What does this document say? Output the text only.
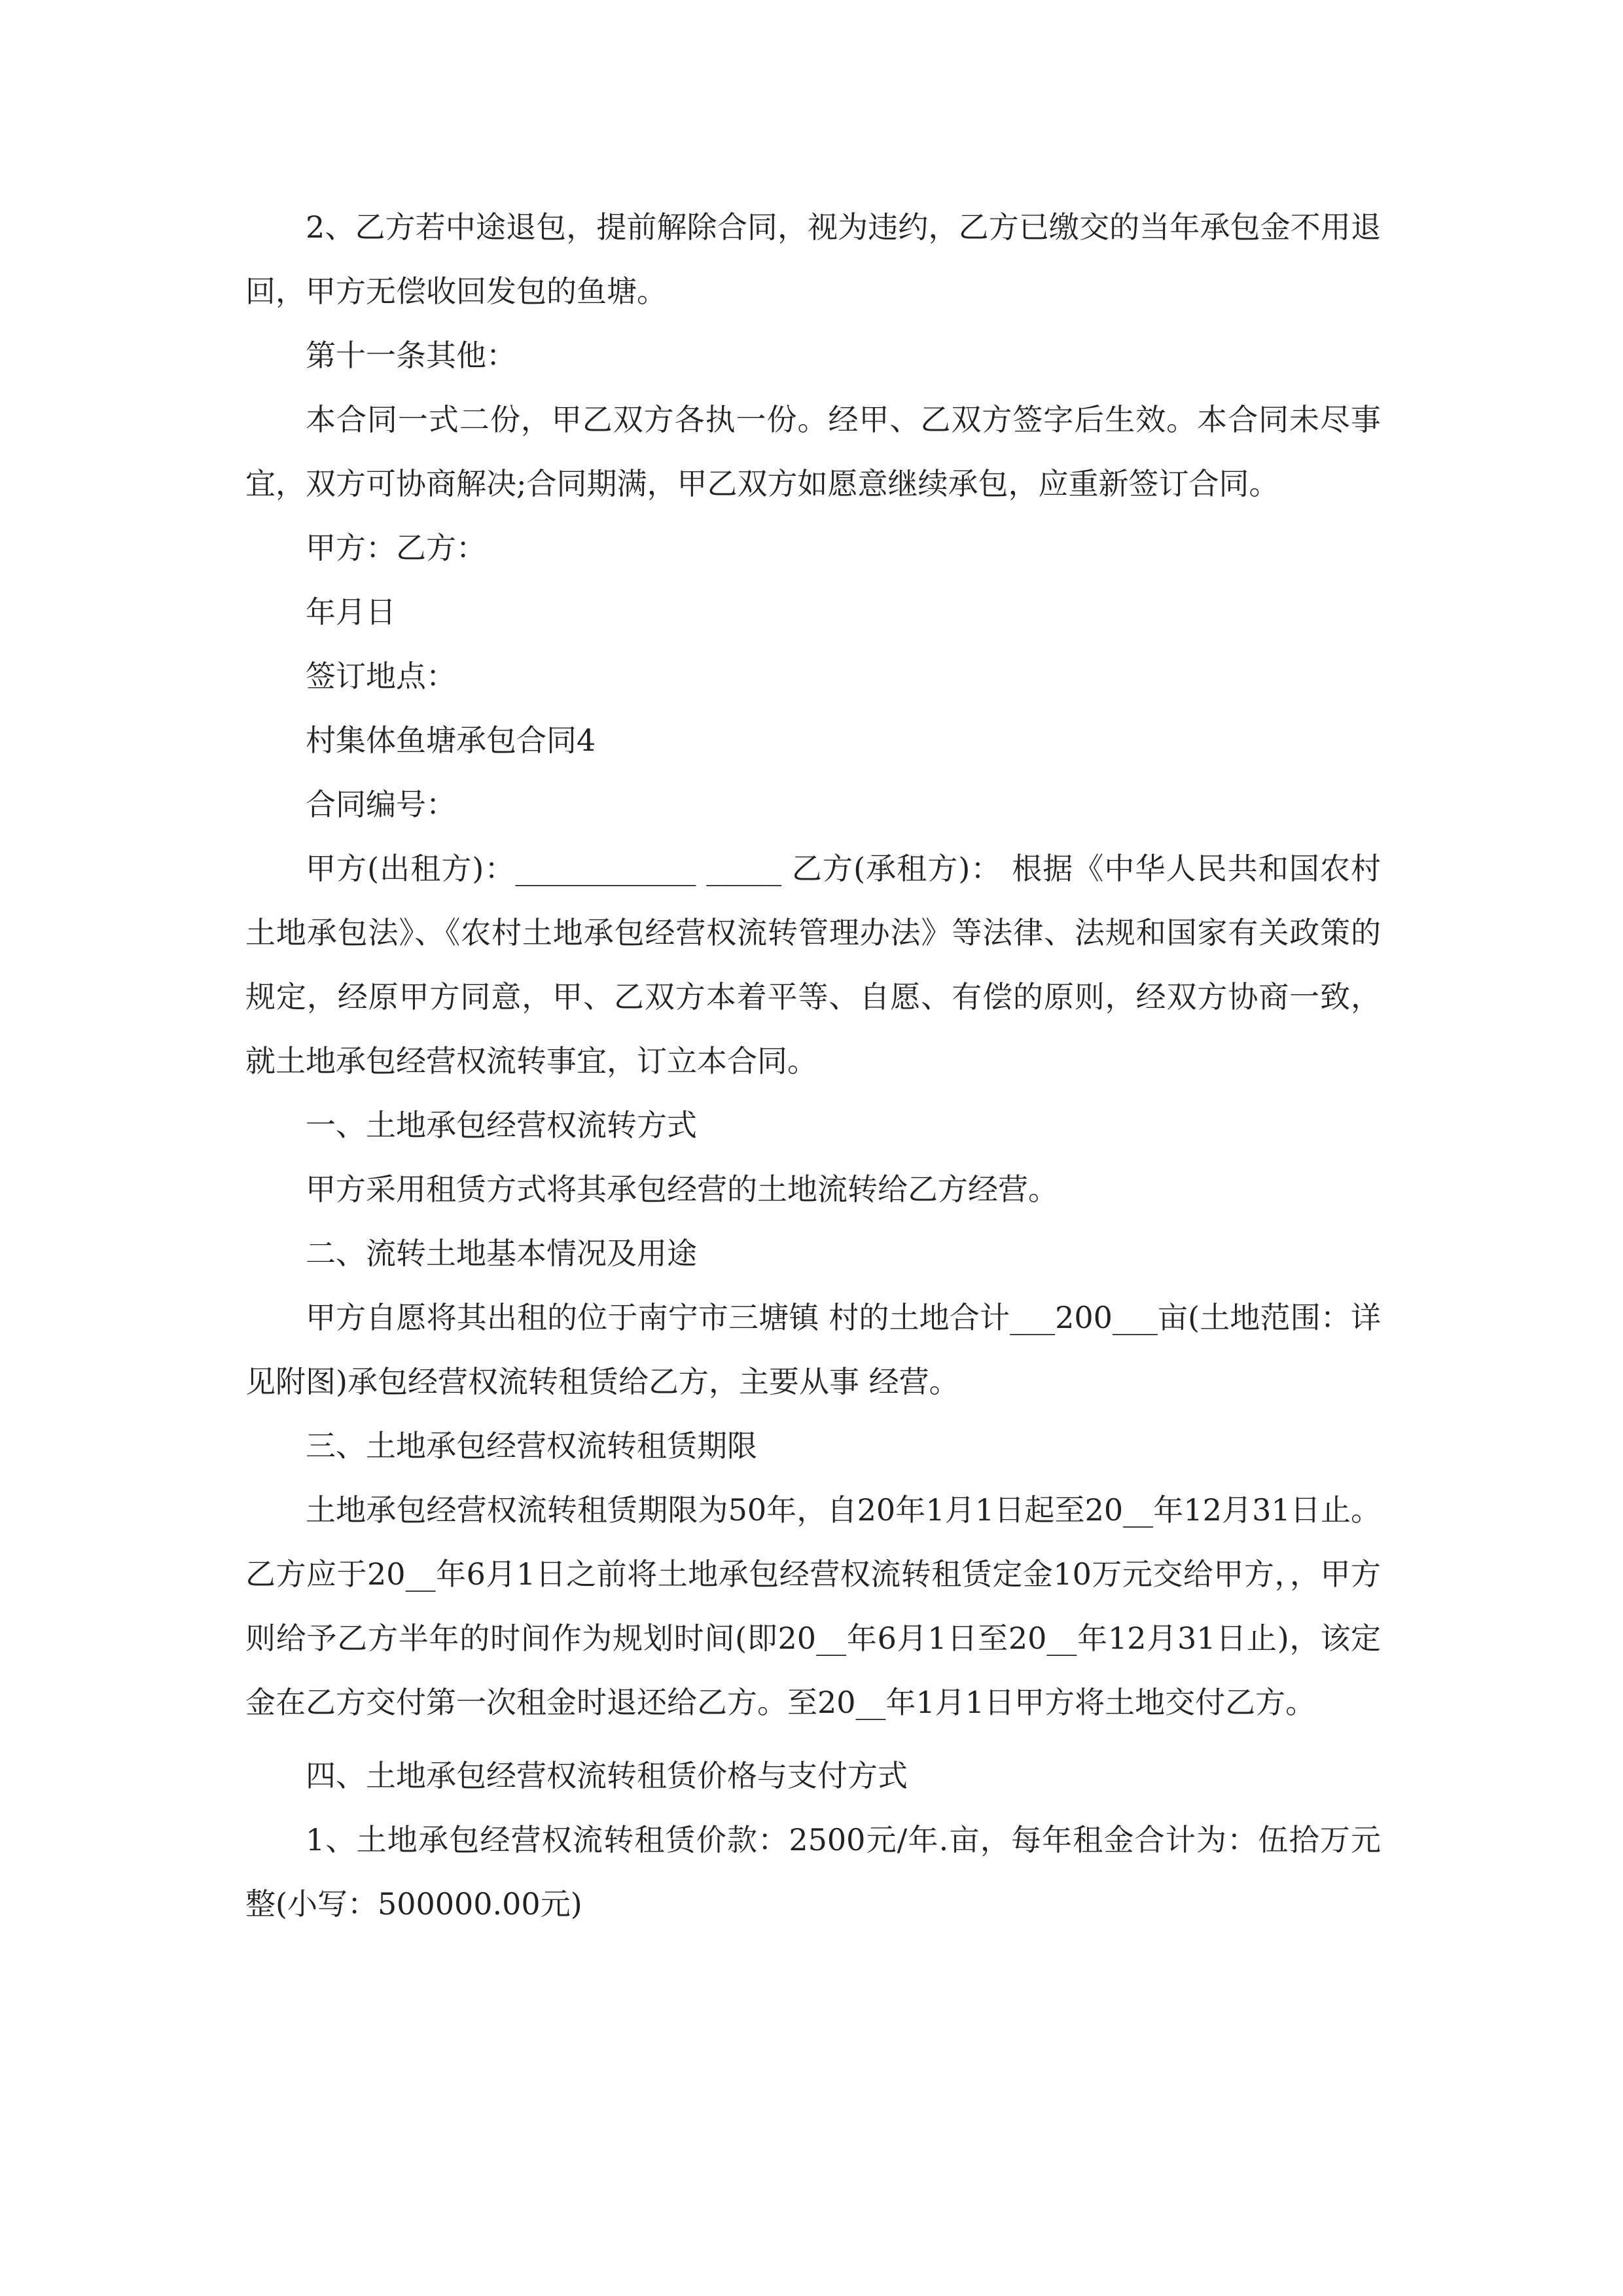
2、乙方若中途退包，提前解除合同，视为违约，乙方已缴交的当年承包金不用退回，甲方无偿收回发包的鱼塘。

第十一条其他：

本合同一式二份，甲乙双方各执一份。经甲、乙双方签字后生效。本合同未尽事宜，双方可协商解决;合同期满，甲乙双方如愿意继续承包，应重新签订合同。

甲方：乙方：

年月日

签订地点：

村集体鱼塘承包合同4

合同编号：

甲方(出租方)：____________ _____ 乙方(承租方)： 根据《中华人民共和国农村土地承包法》、《农村土地承包经营权流转管理办法》等法律、法规和国家有关政策的规定，经原甲方同意，甲、乙双方本着平等、自愿、有偿的原则，经双方协商一致，就土地承包经营权流转事宜，订立本合同。

一、土地承包经营权流转方式

甲方采用租赁方式将其承包经营的土地流转给乙方经营。

二、流转土地基本情况及用途

甲方自愿将其出租的位于南宁市三塘镇 村的土地合计___200___亩(土地范围：详见附图)承包经营权流转租赁给乙方，主要从事 经营。

三、土地承包经营权流转租赁期限

土地承包经营权流转租赁期限为50年，自20年1月1日起至20__年12月31日止。乙方应于20__年6月1日之前将土地承包经营权流转租赁定金10万元交给甲方，，甲方则给予乙方半年的时间作为规划时间(即20__年6月1日至20__年12月31日止)，该定金在乙方交付第一次租金时退还给乙方。至20__年1月1日甲方将土地交付乙方。

四、土地承包经营权流转租赁价格与支付方式

1、土地承包经营权流转租赁价款：2500元/年.亩，每年租金合计为：伍拾万元整(小写：500000.00元)
